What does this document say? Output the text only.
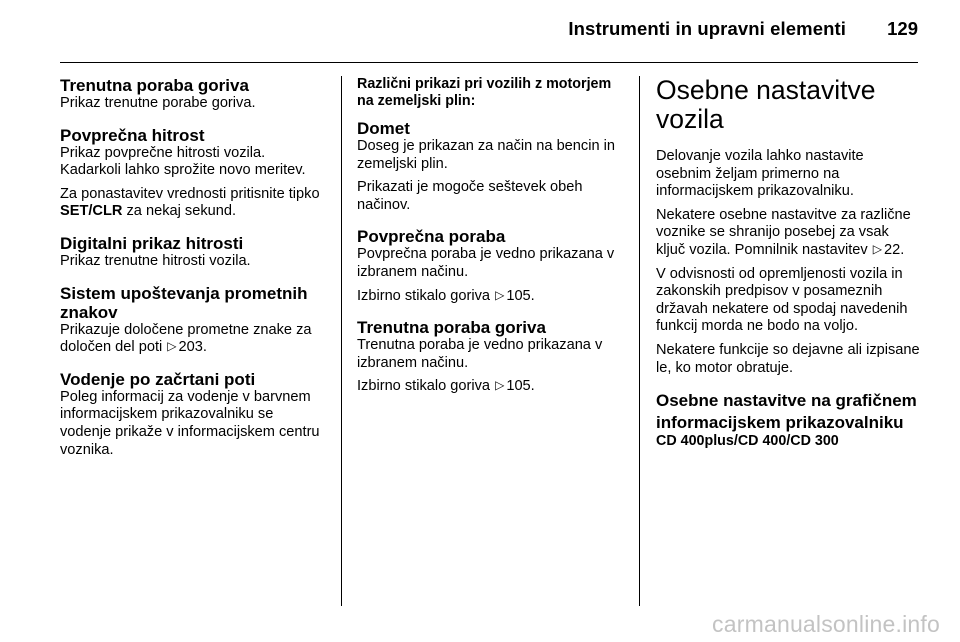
Instrumenti in upravni elementi 129
Trenutna poraba goriva
Prikaz trenutne porabe goriva.
Povprečna hitrost
Prikaz povprečne hitrosti vozila. Kadarkoli lahko sprožite novo meritev.
Za ponastavitev vrednosti pritisnite tipko SET/CLR za nekaj sekund.
Digitalni prikaz hitrosti
Prikaz trenutne hitrosti vozila.
Sistem upoštevanja prometnih znakov
Prikazuje določene prometne znake za določen del poti ▷ 203.
Vodenje po začrtani poti
Poleg informacij za vodenje v barvnem informacijskem prikazovalniku se vodenje prikaže v informacijskem centru voznika.
Različni prikazi pri vozilih z motorjem na zemeljski plin:
Domet
Doseg je prikazan za način na bencin in zemeljski plin.
Prikazati je mogoče seštevek obeh načinov.
Povprečna poraba
Povprečna poraba je vedno prikazana v izbranem načinu.
Izbirno stikalo goriva ▷ 105.
Trenutna poraba goriva
Trenutna poraba je vedno prikazana v izbranem načinu.
Izbirno stikalo goriva ▷ 105.
Osebne nastavitve vozila
Delovanje vozila lahko nastavite osebnim željam primerno na informacijskem prikazovalniku.
Nekatere osebne nastavitve za različne voznike se shranijo posebej za vsak ključ vozila. Pomnilnik nastavitev ▷ 22.
V odvisnosti od opremljenosti vozila in zakonskih predpisov v posameznih državah nekatere od spodaj navedenih funkcij morda ne bodo na voljo.
Nekatere funkcije so dejavne ali izpisane le, ko motor obratuje.
Osebne nastavitve na grafičnem informacijskem prikazovalniku
CD 400plus/CD 400/CD 300
carmanualsonline.info
